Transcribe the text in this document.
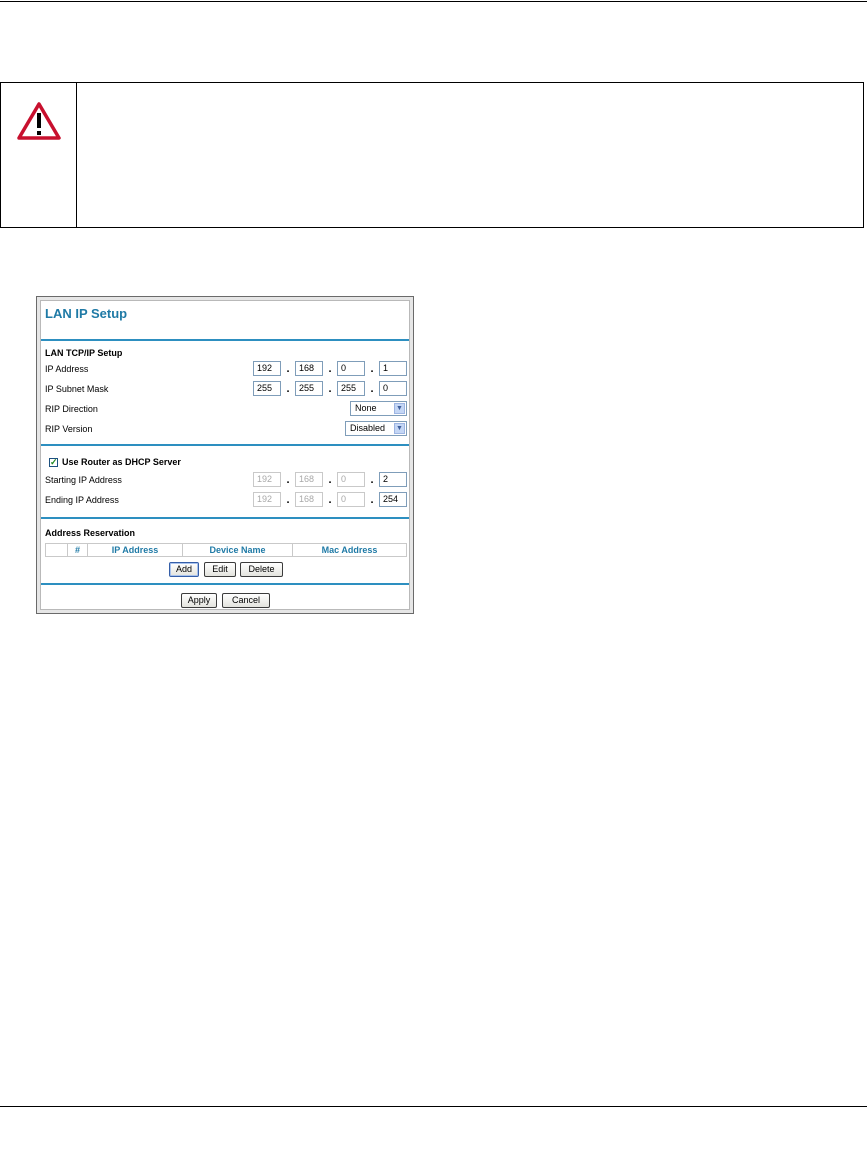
LAN IP Setup
LAN TCP/IP Setup
IP Address	192	.	168	.	0	.	1
IP Subnet Mask	255	.	255	.	255	.	0
RIP Direction	None	▼
RIP Version	Disabled ▼
✓ Use Router as DHCP Server
Starting IP Address	192	.	168	.	0	.	2
Ending IP Address	192	.	168	.	0	.	254
Address Reservation
#	IP Address	Device Name	Mac Address
Add	Edit	Delete
Apply	Cancel
